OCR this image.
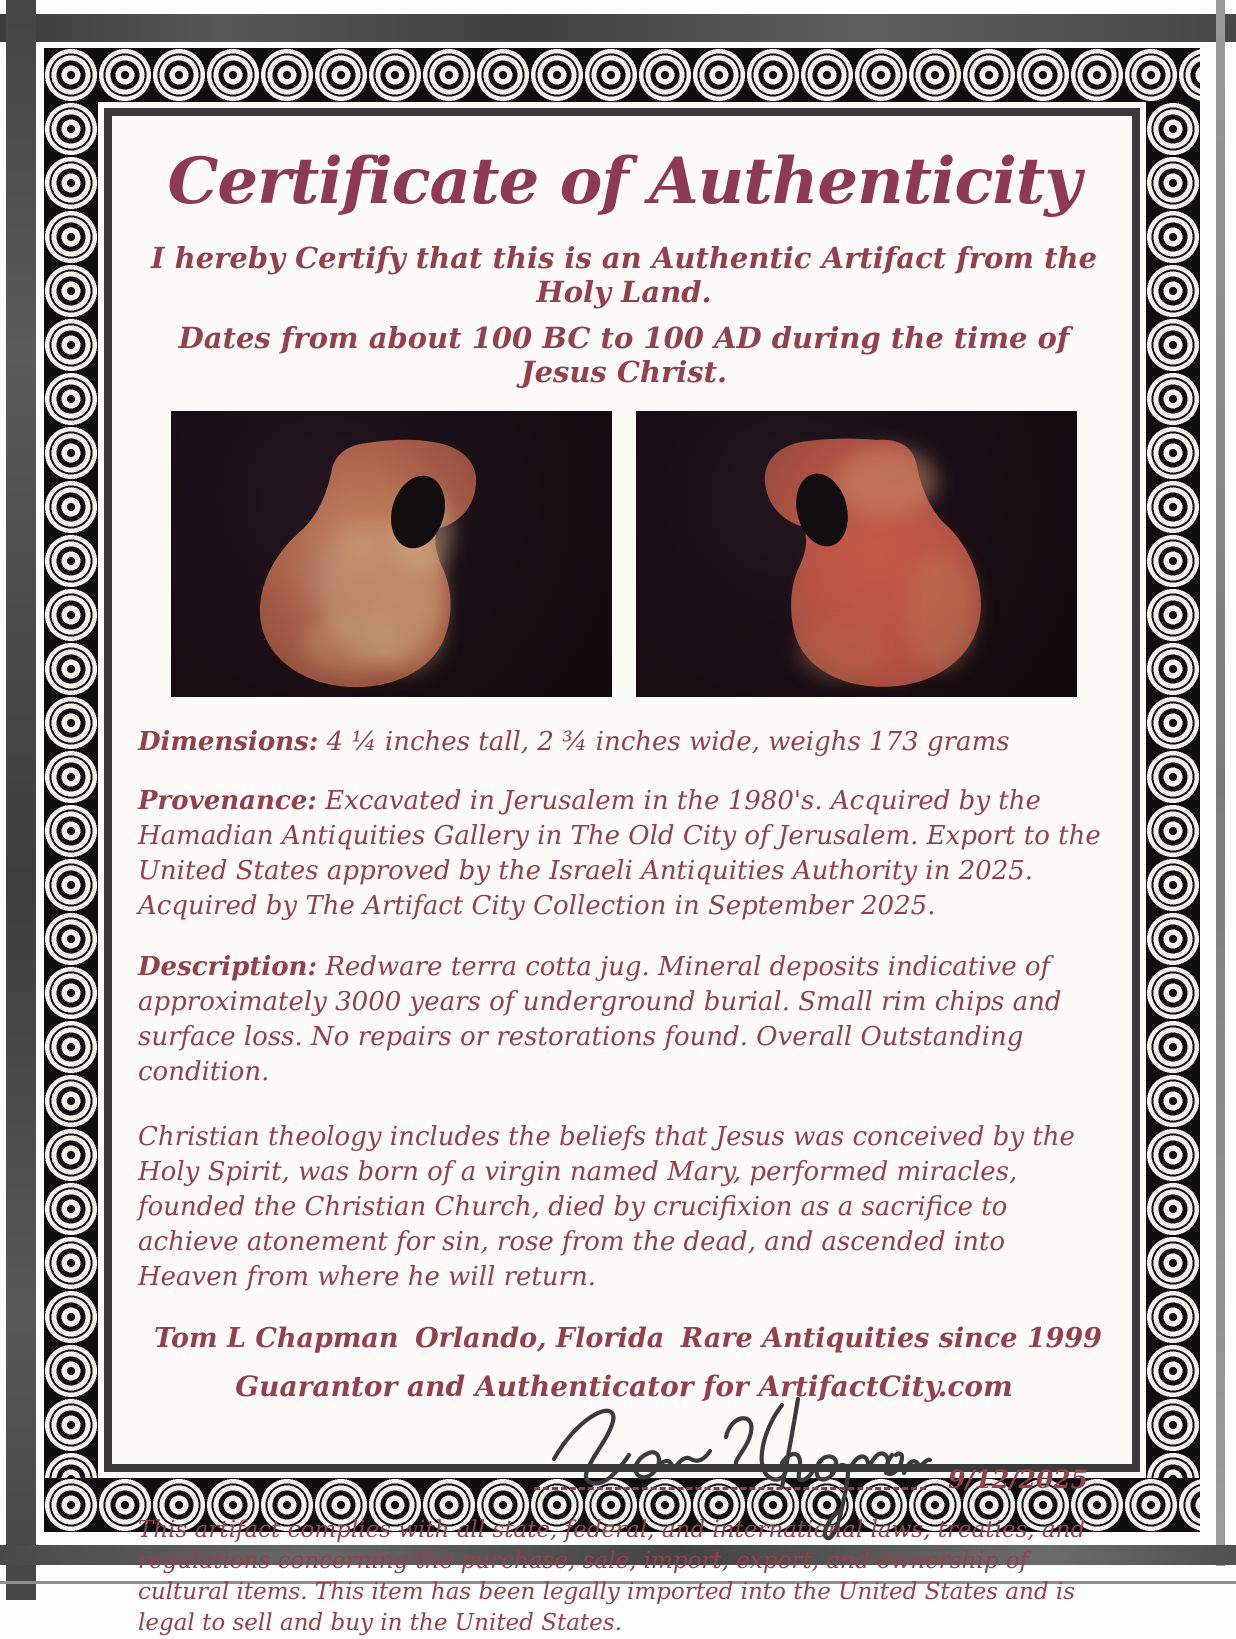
Certificate of Authenticity

I hereby Certify that this is an Authentic Artifact from the Holy Land.

Dates from about 100 BC to 100 AD during the time of Jesus Christ.

Dimensions: 4 ¼ inches tall, 2 ¾ inches wide, weighs 173 grams

Provenance: Excavated in Jerusalem in the 1980's. Acquired by the Hamadian Antiquities Gallery in The Old City of Jerusalem. Export to the United States approved by the Israeli Antiquities Authority in 2025. Acquired by The Artifact City Collection in September 2025.

Description: Redware terra cotta jug. Mineral deposits indicative of approximately 3000 years of underground burial. Small rim chips and surface loss. No repairs or restorations found. Overall Outstanding condition.

Christian theology includes the beliefs that Jesus was conceived by the Holy Spirit, was born of a virgin named Mary, performed miracles, founded the Christian Church, died by crucifixion as a sacrifice to achieve atonement for sin, rose from the dead, and ascended into Heaven from where he will return.

Tom L Chapman Orlando, Florida Rare Antiquities since 1999

Guarantor and Authenticator for ArtifactCity.com

9/12/2025

This artifact complies with all state, federal, and international laws, treaties, and regulations concerning the purchase, sale, import, export, and ownership of cultural items. This item has been legally imported into the United States and is legal to sell and buy in the United States.
